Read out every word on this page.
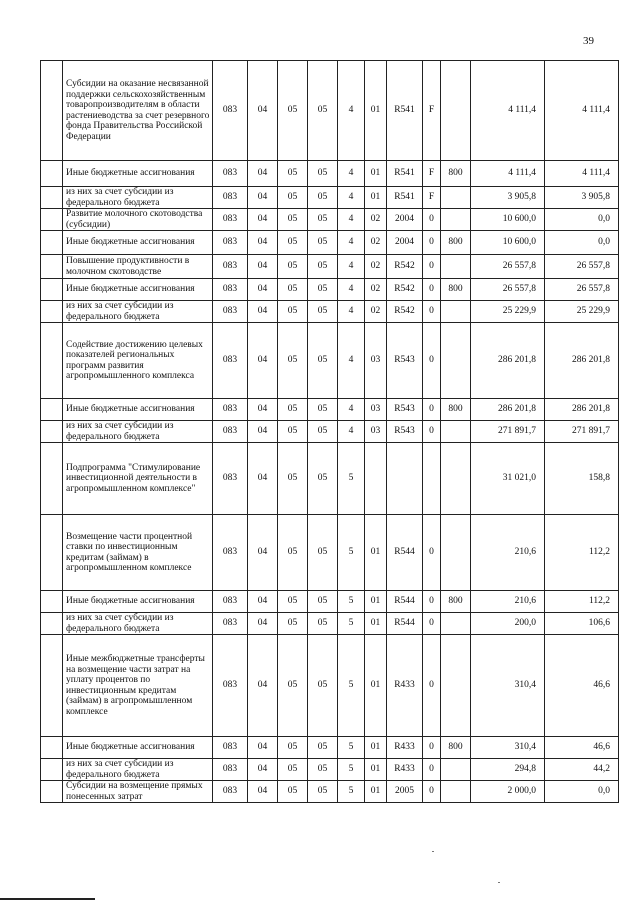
39
	Субсидии на оказание несвязанной поддержки сельскохозяйственным товаропроизводителям в области растениеводства за счет резервного фонда Правительства Российской Федерации	083	04	05	05	4	01	R541	F		4 111,4	4 111,4
	Иные бюджетные ассигнования	083	04	05	05	4	01	R541	F	800	4 111,4	4 111,4
	из них за счет субсидии из федерального бюджета	083	04	05	05	4	01	R541	F		3 905,8	3 905,8
	Развитие молочного скотоводства (субсидии)	083	04	05	05	4	02	2004	0		10 600,0	0,0
	Иные бюджетные ассигнования	083	04	05	05	4	02	2004	0	800	10 600,0	0,0
	Повышение продуктивности в молочном скотоводстве	083	04	05	05	4	02	R542	0		26 557,8	26 557,8
	Иные бюджетные ассигнования	083	04	05	05	4	02	R542	0	800	26 557,8	26 557,8
	из них за счет субсидии из федерального бюджета	083	04	05	05	4	02	R542	0		25 229,9	25 229,9
	Содействие достижению целевых показателей региональных программ развития агропромышленного комплекса	083	04	05	05	4	03	R543	0		286 201,8	286 201,8
	Иные бюджетные ассигнования	083	04	05	05	4	03	R543	0	800	286 201,8	286 201,8
	из них за счет субсидии из федерального бюджета	083	04	05	05	4	03	R543	0		271 891,7	271 891,7
	Подпрограмма "Стимулирование инвестиционной деятельности в агропромышленном комплексе"	083	04	05	05	5					31 021,0	158,8
	Возмещение части процентной ставки по инвестиционным кредитам (займам) в агропромышленном комплексе	083	04	05	05	5	01	R544	0		210,6	112,2
	Иные бюджетные ассигнования	083	04	05	05	5	01	R544	0	800	210,6	112,2
	из них за счет субсидии из федерального бюджета	083	04	05	05	5	01	R544	0		200,0	106,6
	Иные межбюджетные трансферты на возмещение части затрат на уплату процентов по инвестиционным кредитам (займам) в агропромышленном комплексе	083	04	05	05	5	01	R433	0		310,4	46,6
	Иные бюджетные ассигнования	083	04	05	05	5	01	R433	0	800	310,4	46,6
	из них за счет субсидии из федерального бюджета	083	04	05	05	5	01	R433	0		294,8	44,2
	Субсидии на возмещение прямых понесенных затрат	083	04	05	05	5	01	2005	0		2 000,0	0,0
